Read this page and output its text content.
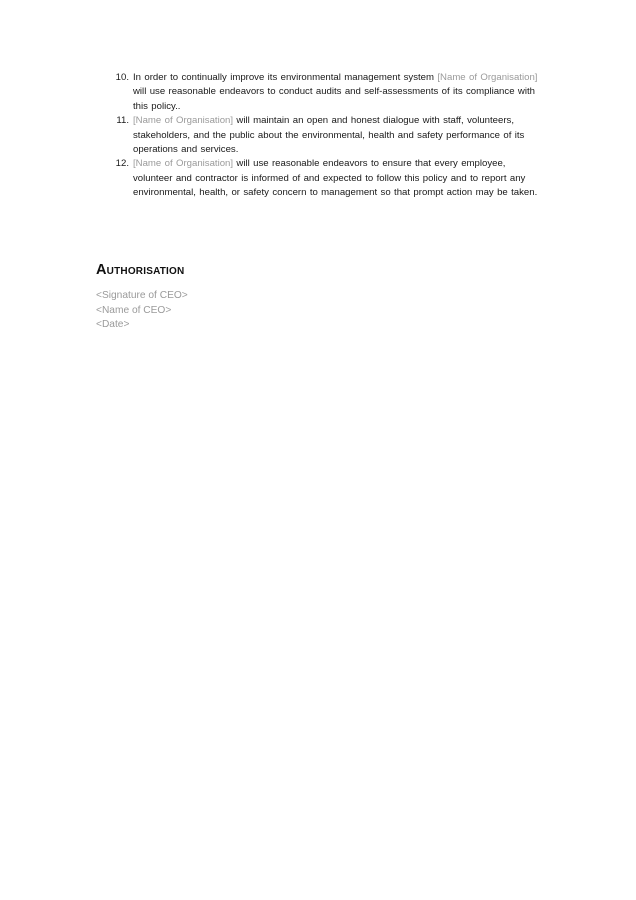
10. In order to continually improve its environmental management system [Name of Organisation] will use reasonable endeavors to conduct audits and self-assessments of its compliance with this policy..
11. [Name of Organisation] will maintain an open and honest dialogue with staff, volunteers, stakeholders, and the public about the environmental, health and safety performance of its operations and services.
12. [Name of Organisation] will use reasonable endeavors to ensure that every employee, volunteer and contractor is informed of and expected to follow this policy and to report any environmental, health, or safety concern to management so that prompt action may be taken.
Authorisation
<Signature of CEO>
<Name of CEO>
<Date>
